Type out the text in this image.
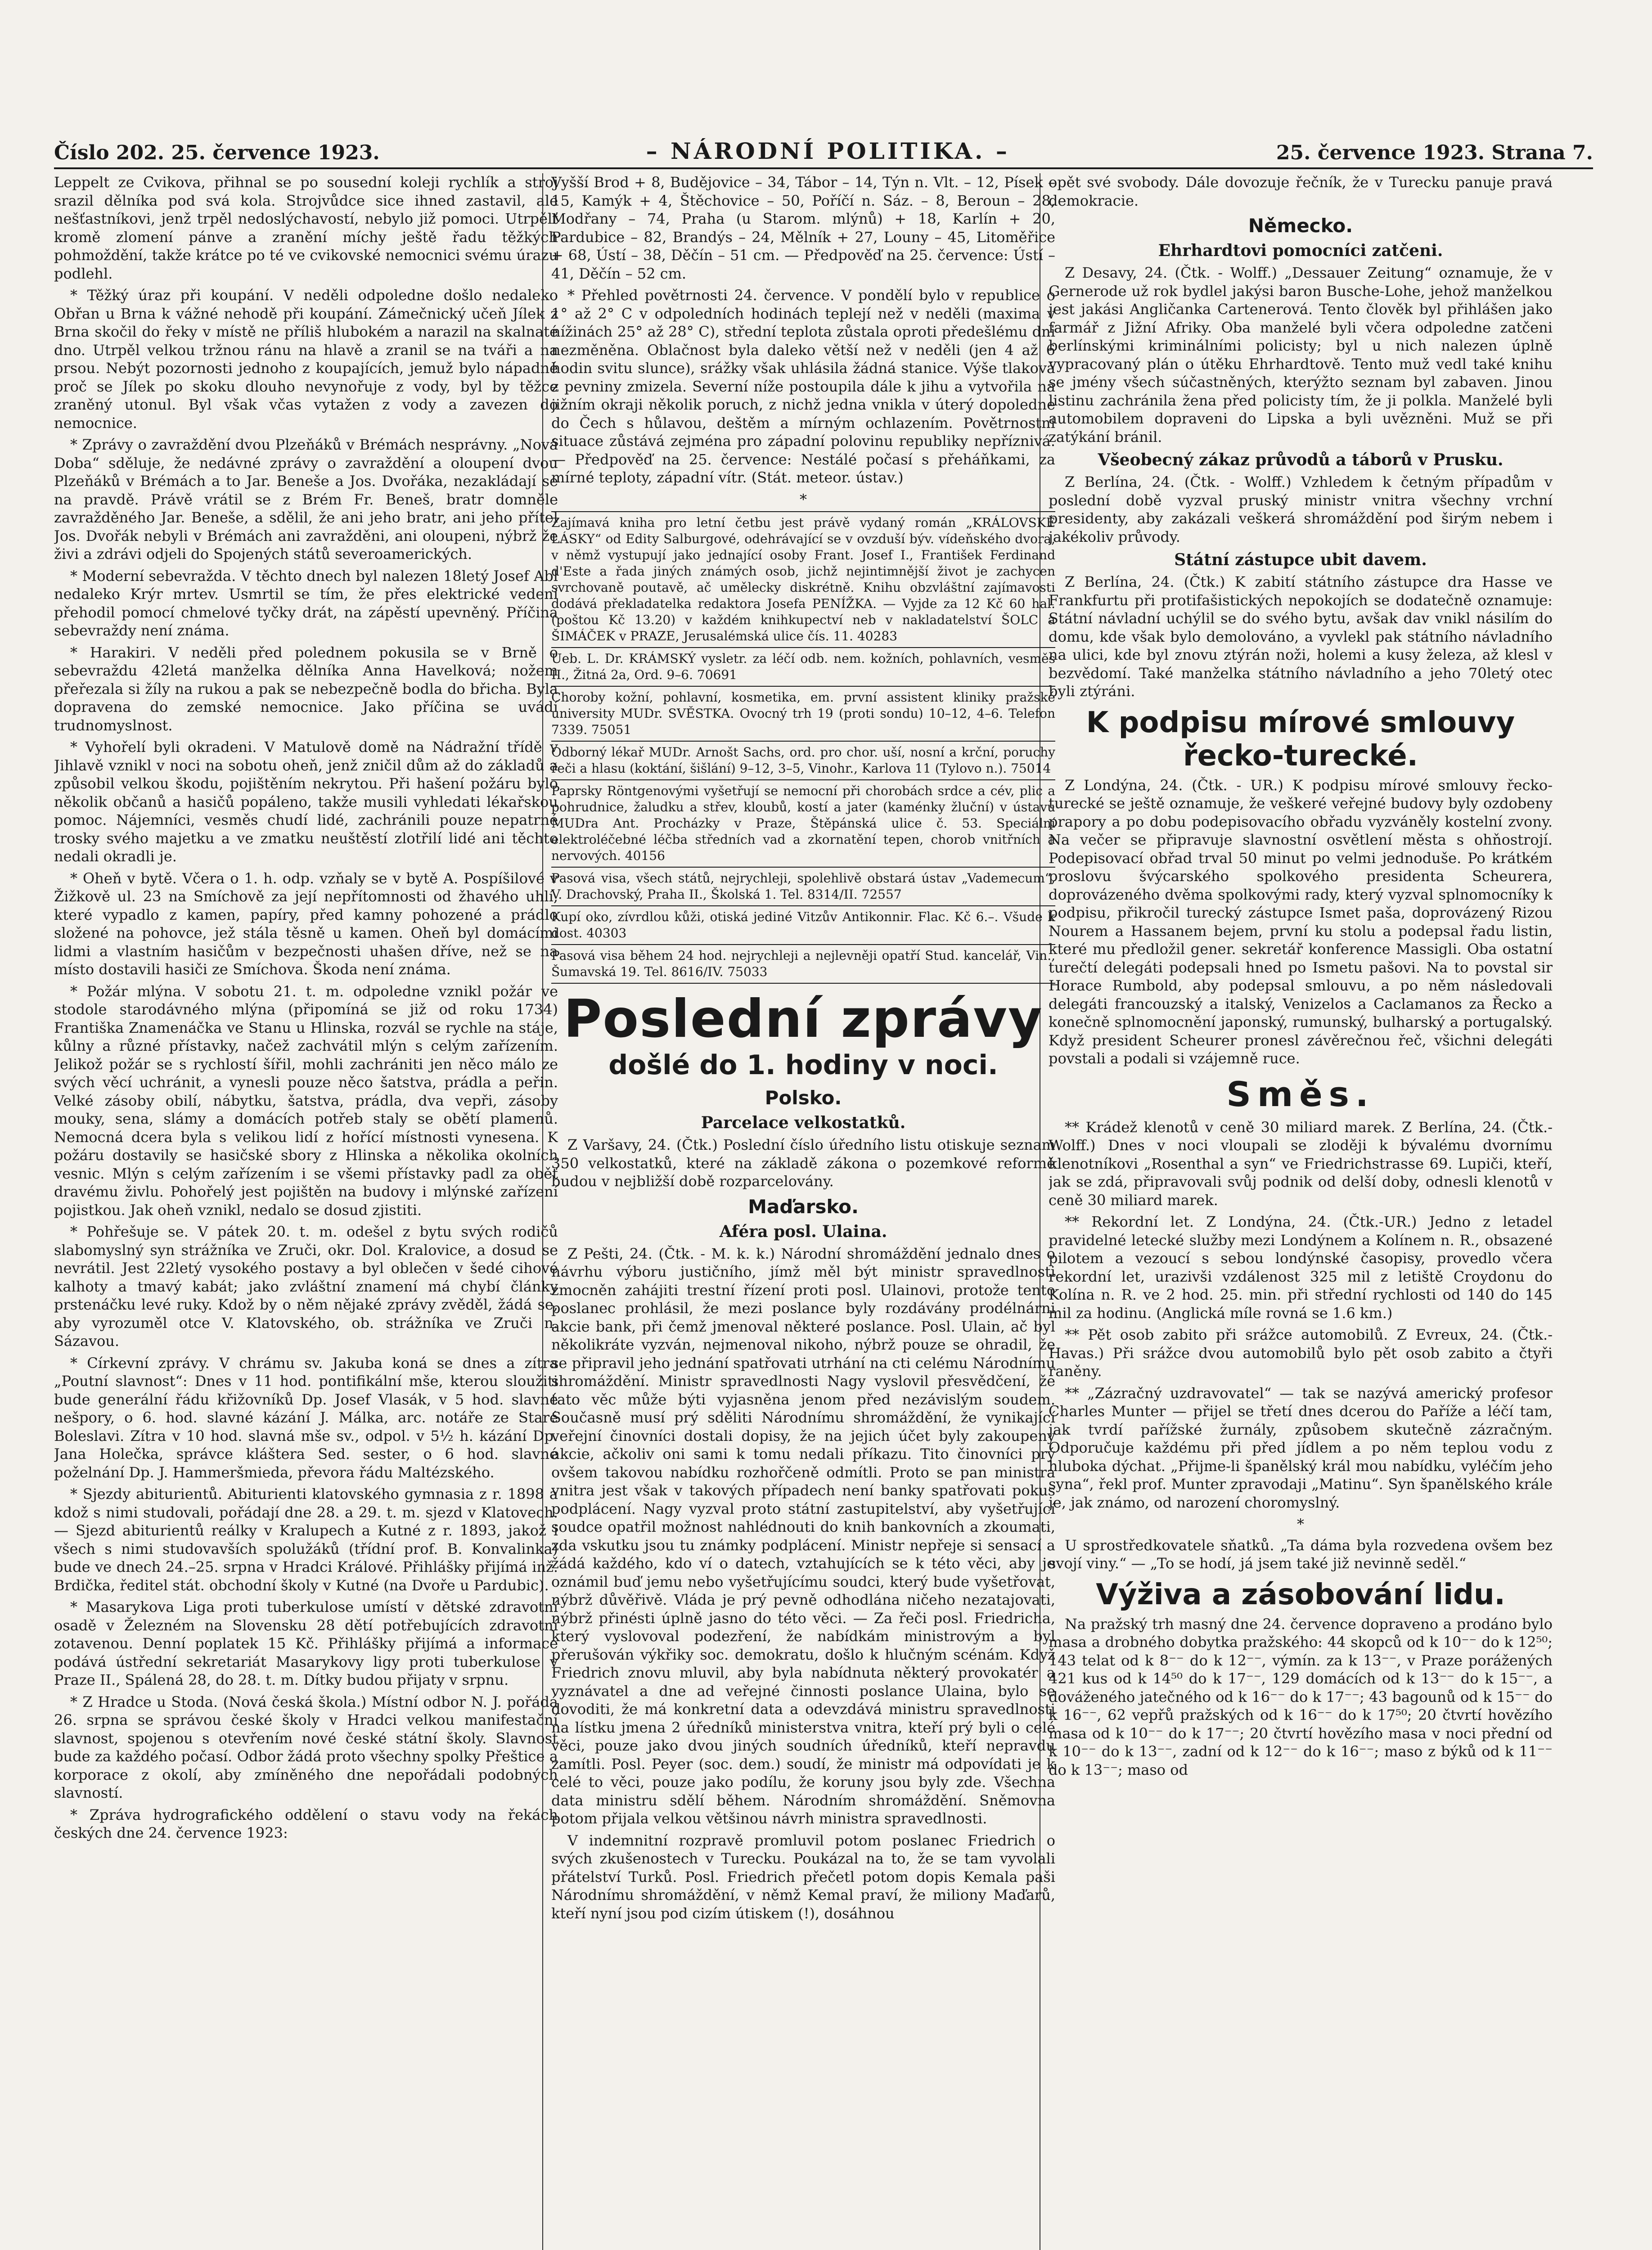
Číslo 202. 25. července 1923.	– NÁRODNÍ POLITIKA. –	25. července 1923. Strana 7.

Leppelt ze Cvikova, přihnal se po sousední koleji rychlík a stroj srazil dělníka pod svá kola. Strojvůdce sice ihned zastavil, ale nešťastníkovi, jenž trpěl nedoslýchavostí, nebylo již pomoci. Utrpělť kromě zlomení pánve a zranění míchy ještě řadu těžkých pohmoždění, takže krátce po té ve cvikovské nemocnici svému úrazu podlehl.

* Těžký úraz při koupání. V neděli odpoledne došlo nedaleko Obřan u Brna k vážné nehodě při koupání. Zámečnický učeň Jílek z Brna skočil do řeky v místě ne příliš hlubokém a narazil na skalnaté dno. Utrpěl velkou tržnou ránu na hlavě a zranil se na tváři a na prsou. Nebýt pozornosti jednoho z koupajících, jemuž bylo nápadné proč se Jílek po skoku dlouho nevynořuje z vody, byl by těžce zraněný utonul. Byl však včas vytažen z vody a zavezen do nemocnice.

* Zprávy o zavraždění dvou Plzeňáků v Brémách nesprávny. „Nová Doba“ sděluje, že nedávné zprávy o zavraždění a oloupení dvou Plzeňáků v Brémách a to Jar. Beneše a Jos. Dvořáka, nezakládají se na pravdě. Právě vrátil se z Brém Fr. Beneš, bratr domněle zavražděného Jar. Beneše, a sdělil, že ani jeho bratr, ani jeho přítel Jos. Dvořák nebyli v Brémách ani zavražděni, ani oloupeni, nýbrž že živi a zdrávi odjeli do Spojených států severoamerických.

* Moderní sebevražda. V těchto dnech byl nalezen 18letý Josef Abl nedaleko Krýr mrtev. Usmrtil se tím, že přes elektrické vedení přehodil pomocí chmelové tyčky drát, na zápěstí upevněný. Příčina sebevraždy není známa.

* Harakiri. V neděli před polednem pokusila se v Brně o sebevraždu 42letá manželka dělníka Anna Havelková; nožem přeřezala si žíly na rukou a pak se nebezpečně bodla do břicha. Byla dopravena do zemské nemocnice. Jako příčina se uvádí trudnomyslnost.

* Vyhořelí byli okradeni. V Matulově domě na Nádražní třídě v Jihlavě vznikl v noci na sobotu oheň, jenž zničil dům až do základů a způsobil velkou škodu, pojištěním nekrytou. Při hašení požáru bylo několik občanů a hasičů popáleno, takže musili vyhledati lékařskou pomoc. Nájemníci, vesměs chudí lidé, zachránili pouze nepatrné trosky svého majetku a ve zmatku neuštěstí zlotřilí lidé ani těchto nedali okradli je.

* Oheň v bytě. Včera o 1. h. odp. vzňaly se v bytě A. Pospíšilové v Žižkově ul. 23 na Smíchově za její nepřítomnosti od žhavého uhlí, které vypadlo z kamen, papíry, před kamny pohozené a prádlo složené na pohovce, jež stála těsně u kamen. Oheň byl domácími lidmi a vlastním hasičům v bezpečnosti uhašen dříve, než se na místo dostavili hasiči ze Smíchova. Škoda není známa.

* Požár mlýna. V sobotu 21. t. m. odpoledne vznikl požár ve stodole starodávného mlýna (připomíná se již od roku 1734) Františka Znamenáčka ve Stanu u Hlinska, rozvál se rychle na stáje, kůlny a různé přístavky, načež zachvátil mlýn s celým zařízením. Jelikož požár se s rychlostí šířil, mohli zachrániti jen něco málo ze svých věcí uchránit, a vynesli pouze něco šatstva, prádla a peřin. Velké zásoby obilí, nábytku, šatstva, prádla, dva vepři, zásoby mouky, sena, slámy a domácích potřeb staly se obětí plamenů. Nemocná dcera byla s velikou lidí z hořící místnosti vynesena. K požáru dostavily se hasičské sbory z Hlinska a několika okolních vesnic. Mlýn s celým zařízením i se všemi přístavky padl za oběť dravému živlu. Pohořelý jest pojištěn na budovy i mlýnské zařízení pojistkou. Jak oheň vznikl, nedalo se dosud zjistiti.

* Pohřešuje se. V pátek 20. t. m. odešel z bytu svých rodičů slabomyslný syn strážníka ve Zruči, okr. Dol. Kralovice, a dosud se nevrátil. Jest 22letý vysokého postavy a byl oblečen v šedé cihové kalhoty a tmavý kabát; jako zvláštní znamení má chybí články prstenáčku levé ruky. Kdož by o něm nějaké zprávy zvěděl, žádá se, aby vyrozuměl otce V. Klatovského, ob. strážníka ve Zruči n. Sázavou.

* Církevní zprávy. V chrámu sv. Jakuba koná se dnes a zítra „Poutní slavnost“: Dnes v 11 hod. pontifikální mše, kterou sloužiti bude generální řádu křižovníků Dp. Josef Vlasák, v 5 hod. slavné nešpory, o 6. hod. slavné kázání J. Málka, arc. notáře ze Staré Boleslavi. Zítra v 10 hod. slavná mše sv., odpol. v 5½ h. kázání Dp. Jana Holečka, správce kláštera Sed. sester, o 6 hod. slavné poželnání Dp. J. Hammeršmieda, převora řádu Maltézského.

* Sjezdy abiturientů. Abiturienti klatovského gymnasia z r. 1898 a kdož s nimi studovali, pořádají dne 28. a 29. t. m. sjezd v Klatovech. — Sjezd abiturientů reálky v Kralupech a Kutné z r. 1893, jakož i všech s nimi studovavších spolužáků (třídní prof. B. Konvalinka) bude ve dnech 24.–25. srpna v Hradci Králové. Přihlášky přijímá inž. Brdička, ředitel stát. obchodní školy v Kutné (na Dvoře u Pardubic).

* Masarykova Liga proti tuberkulose umístí v dětské zdravotní osadě v Železném na Slovensku 28 dětí potřebujících zdravotní zotavenou. Denní poplatek 15 Kč. Přihlášky přijímá a informace podává ústřední sekretariát Masarykovy ligy proti tuberkulose v Praze II., Spálená 28, do 28. t. m. Dítky budou přijaty v srpnu.

* Z Hradce u Stoda. (Nová česká škola.) Místní odbor N. J. pořádá 26. srpna se správou české školy v Hradci velkou manifestační slavnost, spojenou s otevřením nové české státní školy. Slavnost bude za každého počasí. Odbor žádá proto všechny spolky Přeštice a korporace z okolí, aby zmíněného dne nepořádali podobných slavností.

* Zpráva hydrografického oddělení o stavu vody na řekách českých dne 24. července 1923:

Vyšší Brod + 8, Budějovice – 34, Tábor – 14, Týn n. Vlt. – 12, Písek – 15, Kamýk + 4, Štěchovice – 50, Poříčí n. Sáz. – 8, Beroun – 28, Modřany – 74, Praha (u Starom. mlýnů) + 18, Karlín + 20, Pardubice – 82, Brandýs – 24, Mělník + 27, Louny – 45, Litoměřice + 68, Ústí – 38, Děčín – 51 cm. — Předpověď na 25. července: Ústí – 41, Děčín – 52 cm.

* Přehled povětrnosti 24. července. V pondělí bylo v republice o 1° až 2° C v odpoledních hodinách teplejí než v neděli (maxima v nížinách 25° až 28° C), střední teplota zůstala oproti předešlému dni nezměněna. Oblačnost byla daleko větší než v neděli (jen 4 až 6 hodin svitu slunce), srážky však uhlásila žádná stanice. Výše tlaková z pevniny zmizela. Severní níže postoupila dále k jihu a vytvořila na jižním okraji několik poruch, z nichž jedna vnikla v úterý dopoledne do Čech s hůlavou, deštěm a mírným ochlazením. Povětrnostní situace zůstává zejména pro západní polovinu republiky nepříznivá. — Předpověď na 25. července: Nestálé počasí s přeháňkami, za mírné teploty, západní vítr. (Stát. meteor. ústav.)

*
Zajímavá kniha pro letní četbu jest právě vydaný román „KRÁLOVSKÉ LÁSKY“ od Edity Salburgové, odehrávající se v ovzduší býv. vídeňského dvora, v němž vystupují jako jednající osoby Frant. Josef I., František Ferdinand d'Este a řada jiných známých osob, jichž nejintimnější život je zachycen svrchovaně poutavě, ač umělecky diskrétně. Knihu obzvláštní zajímavosti dodává překladatelka redaktora Josefa PENÍŽKA. — Vyjde za 12 Kč 60 hal. (poštou Kč 13.20) v každém knihkupectví neb v nakladatelství ŠOLC a ŠIMÁČEK v PRAZE, Jerusalémská ulice čís. 11. 40283
Ueb. L. Dr. KRÁMSKÝ vysletr. za léčí odb. nem. kožních, pohlavních, vesměs II., Žitná 2a, Ord. 9–6. 70691
Choroby kožní, pohlavní, kosmetika, em. první assistent kliniky pražské university MUDr. SVĚSTKA. Ovocný trh 19 (proti sondu) 10–12, 4–6. Telefon 7339. 75051
Odborný lékař MUDr. Arnošt Sachs, ord. pro chor. uší, nosní a krční, poruchy řeči a hlasu (koktání, šišlání) 9–12, 3–5, Vinohr., Karlova 11 (Tylovo n.). 75014
Paprsky Röntgenovými vyšetřují se nemocní při chorobách srdce a cév, plic a pohrudnice, žaludku a střev, kloubů, kostí a jater (kaménky žluční) v ústavu MUDra Ant. Procházky v Praze, Štěpánská ulice č. 53. Speciální elektroléčebné léčba středních vad a zkornatění tepen, chorob vnitřních a nervových. 40156
Pasová visa, všech států, nejrychleji, spolehlivě obstará ústav „Vademecum“, V. Drachovský, Praha II., Školská 1. Tel. 8314/II. 72557
Kupí oko, zívrdlou kůži, otiská jediné Vitzův Antikonnir. Flac. Kč 6.–. Všude k dost. 40303
Pasová visa během 24 hod. nejrychleji a nejlevněji opatří Stud. kancelář, Vin., Šumavská 19. Tel. 8616/IV. 75033
Poslední zprávy
došlé do 1. hodiny v noci.
Polsko.
Parcelace velkostatků.

Z Varšavy, 24. (Čtk.) Poslední číslo úředního listu otiskuje seznam 350 velkostatků, které na základě zákona o pozemkové reformě budou v nejbližší době rozparcelovány.

Maďarsko.
Aféra posl. Ulaina.

Z Pešti, 24. (Čtk. - M. k. k.) Národní shromáždění jednalo dnes o návrhu výboru justičního, jímž měl být ministr spravedlnosti zmocněn zahájiti trestní řízení proti posl. Ulainovi, protože tento poslanec prohlásil, že mezi poslance byly rozdávány prodélnárni akcie bank, při čemž jmenoval některé poslance. Posl. Ulain, ač byl několikráte vyzván, nejmenoval nikoho, nýbrž pouze se ohradil, že se připravil jeho jednání spatřovati utrhání na cti celému Národnímu shromáždění. Ministr spravedlnosti Nagy vyslovil přesvědčení, že tato věc může býti vyjasněna jenom před nezávislým soudem. Současně musí prý sděliti Národnímu shromáždění, že vynikající veřejní činovníci dostali dopisy, že na jejich účet byly zakoupeny akcie, ačkoliv oni sami k tomu nedali příkazu. Tito činovníci prý ovšem takovou nabídku rozhořčeně odmítli. Proto se pan ministra vnitra jest však v takových případech není banky spatřovati pokus podplácení. Nagy vyzval proto státní zastupitelství, aby vyšetřující soudce opatřil možnost nahlédnouti do knih bankovních a zkoumati, zda vskutku jsou tu známky podplácení. Ministr nepřeje si sensací a žádá každého, kdo ví o datech, vztahujících se k této věci, aby je oznámil buď jemu nebo vyšetřujícímu soudci, který bude vyšetřovat, nýbrž důvěřivě. Vláda je prý pevně odhodlána ničeho nezatajovati, nýbrž přinésti úplně jasno do této věci. — Za řeči posl. Friedricha, který vyslovoval podezření, že nabídkám ministrovým a byl přerušován výkřiky soc. demokratu, došlo k hlučným scénám. Když Friedrich znovu mluvil, aby byla nabídnuta některý provokatér a vyznávatel a dne ad veřejné činnosti poslance Ulaina, bylo se dovoditi, že má konkretní data a odevzdává ministru spravedlnosti na lístku jmena 2 úředníků ministerstva vnitra, kteří prý byli o celé věci, pouze jako dvou jiných soudních úředníků, kteří nepravdu zamítli. Posl. Peyer (soc. dem.) soudí, že ministr má odpovídati je k celé to věci, pouze jako podílu, že koruny jsou byly zde. Všechna data ministru sdělí během. Národním shromáždění. Sněmovna potom přijala velkou většinou návrh ministra spravedlnosti.

V indemnitní rozpravě promluvil potom poslanec Friedrich o svých zkušenostech v Turecku. Poukázal na to, že se tam vyvolali přátelství Turků. Posl. Friedrich přečetl potom dopis Kemala paši Národnímu shromáždění, v němž Kemal praví, že miliony Maďarů, kteří nyní jsou pod cizím útiskem (!), dosáhnou

opět své svobody. Dále dovozuje řečník, že v Turecku panuje pravá demokracie.

Německo.
Ehrhardtovi pomocníci zatčeni.

Z Desavy, 24. (Čtk. - Wolff.) „Dessauer Zeitung“ oznamuje, že v Gernerode už rok bydlel jakýsi baron Busche-Lohe, jehož manželkou jest jakási Angličanka Cartenerová. Tento člověk byl přihlášen jako farmář z Jižní Afriky. Oba manželé byli včera odpoledne zatčeni berlínskými kriminálními policisty; byl u nich nalezen úplně vypracovaný plán o útěku Ehrhardtově. Tento muž vedl také knihu se jmény všech súčastněných, kterýžto seznam byl zabaven. Jinou listinu zachránila žena před policisty tím, že ji polkla. Manželé byli automobilem dopraveni do Lipska a byli uvězněni. Muž se při zatýkání bránil.

Všeobecný zákaz průvodů a táborů v Prusku.

Z Berlína, 24. (Čtk. - Wolff.) Vzhledem k četným případům v poslední době vyzval pruský ministr vnitra všechny vrchní presidenty, aby zakázali veškerá shromáždění pod širým nebem i jakékoliv průvody.

Státní zástupce ubit davem.

Z Berlína, 24. (Čtk.) K zabití státního zástupce dra Hasse ve Frankfurtu při protifašistických nepokojích se dodatečně oznamuje: Státní návladní uchýlil se do svého bytu, avšak dav vnikl násilím do domu, kde však bylo demolováno, a vyvlekl pak státního návladního na ulici, kde byl znovu ztýrán noži, holemi a kusy železa, až klesl v bezvědomí. Také manželka státního návladního a jeho 70letý otec byli ztýráni.

K podpisu mírové smlouvy řecko-turecké.

Z Londýna, 24. (Čtk. - UR.) K podpisu mírové smlouvy řecko-turecké se ještě oznamuje, že veškeré veřejné budovy byly ozdobeny prapory a po dobu podepisovacího obřadu vyzváněly kostelní zvony. Na večer se připravuje slavnostní osvětlení města s ohňostrojí. Podepisovací obřad trval 50 minut po velmi jednoduše. Po krátkém proslovu švýcarského spolkového presidenta Scheurera, doprovázeného dvěma spolkovými rady, který vyzval splnomocníky k podpisu, přikročil turecký zástupce Ismet paša, doprovázený Rizou Nourem a Hassanem bejem, první ku stolu a podepsal řadu listin, které mu předložil gener. sekretář konference Massigli. Oba ostatní turečtí delegáti podepsali hned po Ismetu pašovi. Na to povstal sir Horace Rumbold, aby podepsal smlouvu, a po něm následovali delegáti francouzský a italský, Venizelos a Caclamanos za Řecko a konečně splnomocnění japonský, rumunský, bulharský a portugalský. Když president Scheurer pronesl závěrečnou řeč, všichni delegáti povstali a podali si vzájemně ruce.

Směs.

** Krádež klenotů v ceně 30 miliard marek. Z Berlína, 24. (Čtk.-Wolff.) Dnes v noci vloupali se zloději k bývalému dvornímu klenotníkovi „Rosenthal a syn“ ve Friedrichstrasse 69. Lupiči, kteří, jak se zdá, připravovali svůj podnik od delší doby, odnesli klenotů v ceně 30 miliard marek.

** Rekordní let. Z Londýna, 24. (Čtk.-UR.) Jedno z letadel pravidelné letecké služby mezi Londýnem a Kolínem n. R., obsazené pilotem a vezoucí s sebou londýnské časopisy, provedlo včera rekordní let, urazivši vzdálenost 325 mil z letiště Croydonu do Kolína n. R. ve 2 hod. 25. min. při střední rychlosti od 140 do 145 mil za hodinu. (Anglická míle rovná se 1.6 km.)

** Pět osob zabito při srážce automobilů. Z Evreux, 24. (Čtk.-Havas.) Při srážce dvou automobilů bylo pět osob zabito a čtyři raněny.

** „Zázračný uzdravovatel“ — tak se nazývá americký profesor Charles Munter — přijel se třetí dnes dcerou do Paříže a léčí tam, jak tvrdí pařížské žurnály, způsobem skutečně zázračným. Odporučuje každému při před jídlem a po něm teplou vodu z hluboka dýchat. „Přijme-li španělský král mou nabídku, vyléčím jeho syna“, řekl prof. Munter zpravodaji „Matinu“. Syn španělského krále je, jak známo, od narození choromyslný.

*

U sprostředkovatele sňatků. „Ta dáma byla rozvedena ovšem bez svojí viny.“ — „To se hodí, já jsem také již nevinně seděl.“

Výživa a zásobování lidu.

Na pražský trh masný dne 24. července dopraveno a prodáno bylo masa a drobného dobytka pražského: 44 skopců od k 10⁻⁻ do k 12⁵⁰; 143 telat od k 8⁻⁻ do k 12⁻⁻, výmín. za k 13⁻⁻, v Praze porážených 421 kus od k 14⁵⁰ do k 17⁻⁻, 129 domácích od k 13⁻⁻ do k 15⁻⁻, a dováženého jatečného od k 16⁻⁻ do k 17⁻⁻; 43 bagounů od k 15⁻⁻ do k 16⁻⁻, 62 vepřů pražských od k 16⁻⁻ do k 17⁵⁰; 20 čtvrtí hovězího masa od k 10⁻⁻ do k 17⁻⁻; 20 čtvrtí hovězího masa v noci přední od k 10⁻⁻ do k 13⁻⁻, zadní od k 12⁻⁻ do k 16⁻⁻; maso z býků od k 11⁻⁻ do k 13⁻⁻; maso od
